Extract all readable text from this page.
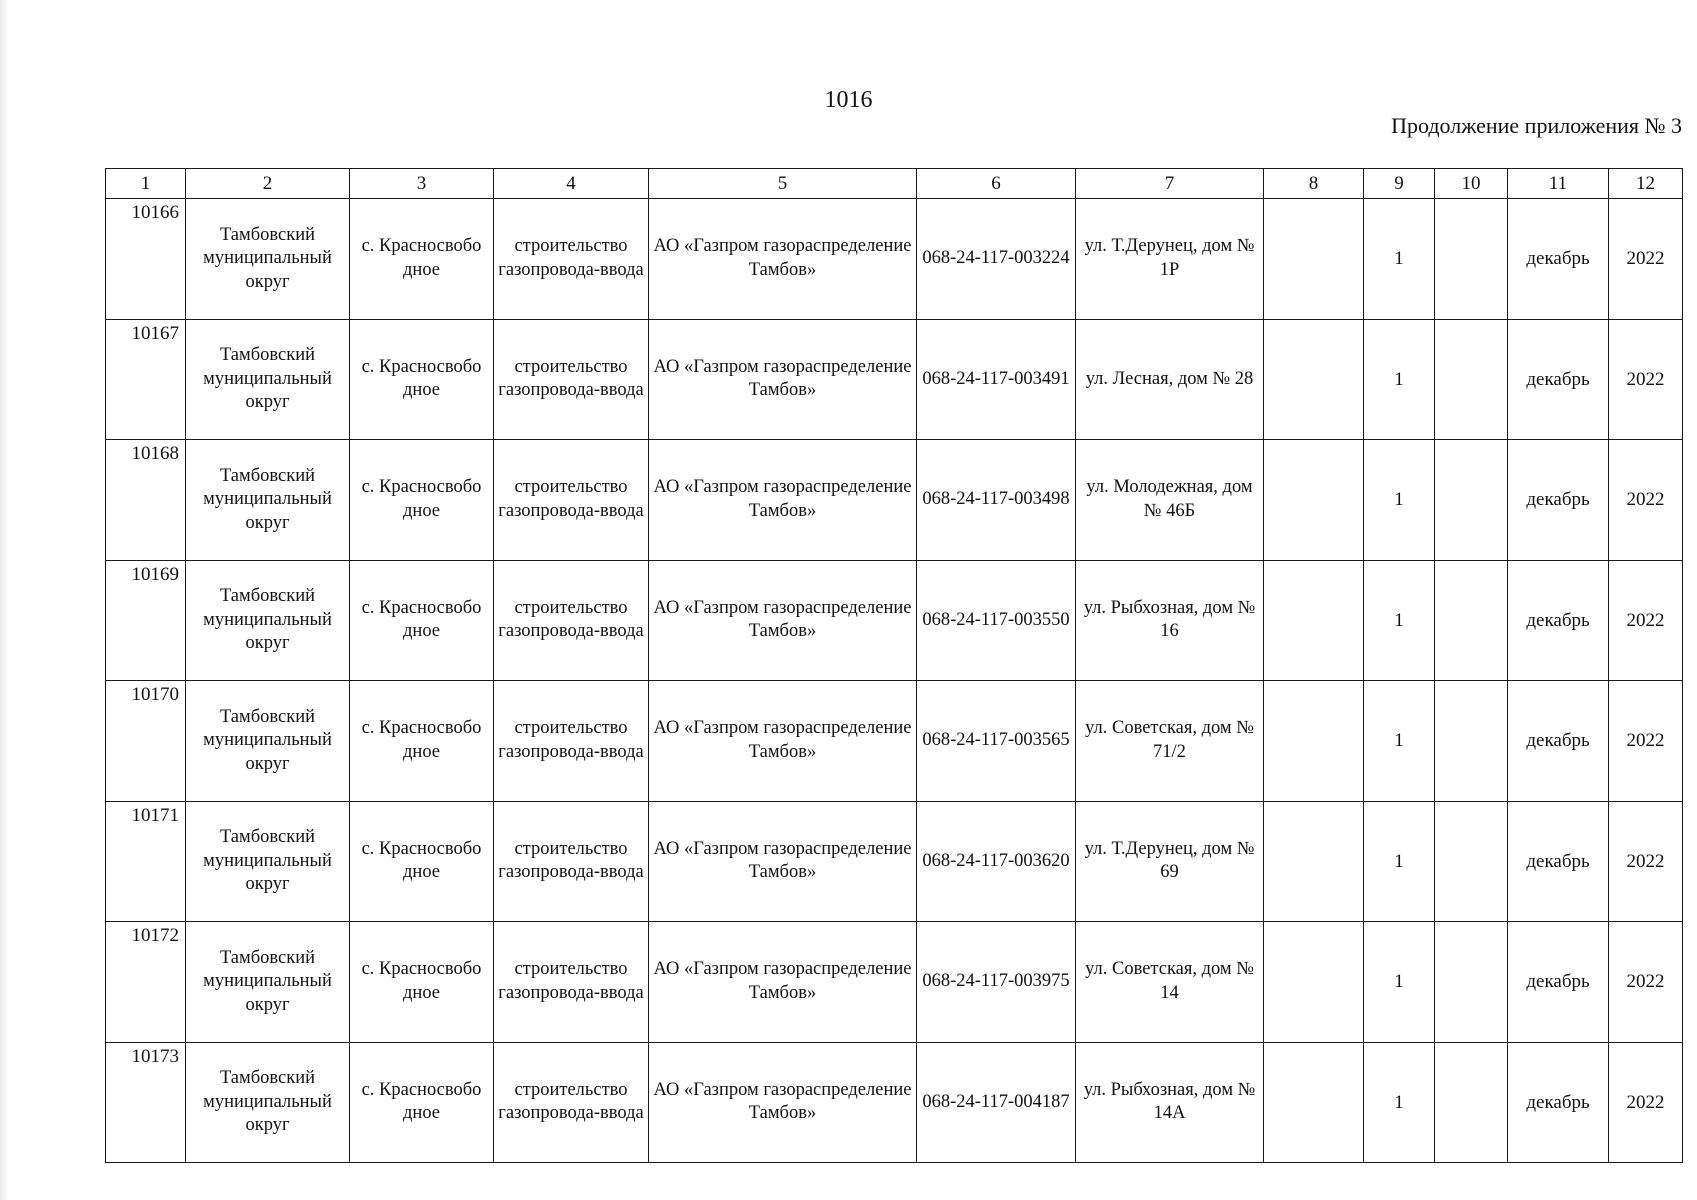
1016
Продолжение приложения № 3
1	2	3	4	5	6	7	8	9	10	11	12
10166	Тамбовский муниципальный округ	с. Красносвобо дное	строительство газопровода-ввода	АО «Газпром газораспределение Тамбов»	068-24-117-003224	ул. Т.Дерунец, дом № 1Р		1		декабрь	2022
10167	Тамбовский муниципальный округ	с. Красносвобо дное	строительство газопровода-ввода	АО «Газпром газораспределение Тамбов»	068-24-117-003491	ул. Лесная, дом № 28		1		декабрь	2022
10168	Тамбовский муниципальный округ	с. Красносвобо дное	строительство газопровода-ввода	АО «Газпром газораспределение Тамбов»	068-24-117-003498	ул. Молодежная, дом № 46Б		1		декабрь	2022
10169	Тамбовский муниципальный округ	с. Красносвобо дное	строительство газопровода-ввода	АО «Газпром газораспределение Тамбов»	068-24-117-003550	ул. Рыбхозная, дом № 16		1		декабрь	2022
10170	Тамбовский муниципальный округ	с. Красносвобо дное	строительство газопровода-ввода	АО «Газпром газораспределение Тамбов»	068-24-117-003565	ул. Советская, дом № 71/2		1		декабрь	2022
10171	Тамбовский муниципальный округ	с. Красносвобо дное	строительство газопровода-ввода	АО «Газпром газораспределение Тамбов»	068-24-117-003620	ул. Т.Дерунец, дом № 69		1		декабрь	2022
10172	Тамбовский муниципальный округ	с. Красносвобо дное	строительство газопровода-ввода	АО «Газпром газораспределение Тамбов»	068-24-117-003975	ул. Советская, дом № 14		1		декабрь	2022
10173	Тамбовский муниципальный округ	с. Красносвобо дное	строительство газопровода-ввода	АО «Газпром газораспределение Тамбов»	068-24-117-004187	ул. Рыбхозная, дом № 14А		1		декабрь	2022
